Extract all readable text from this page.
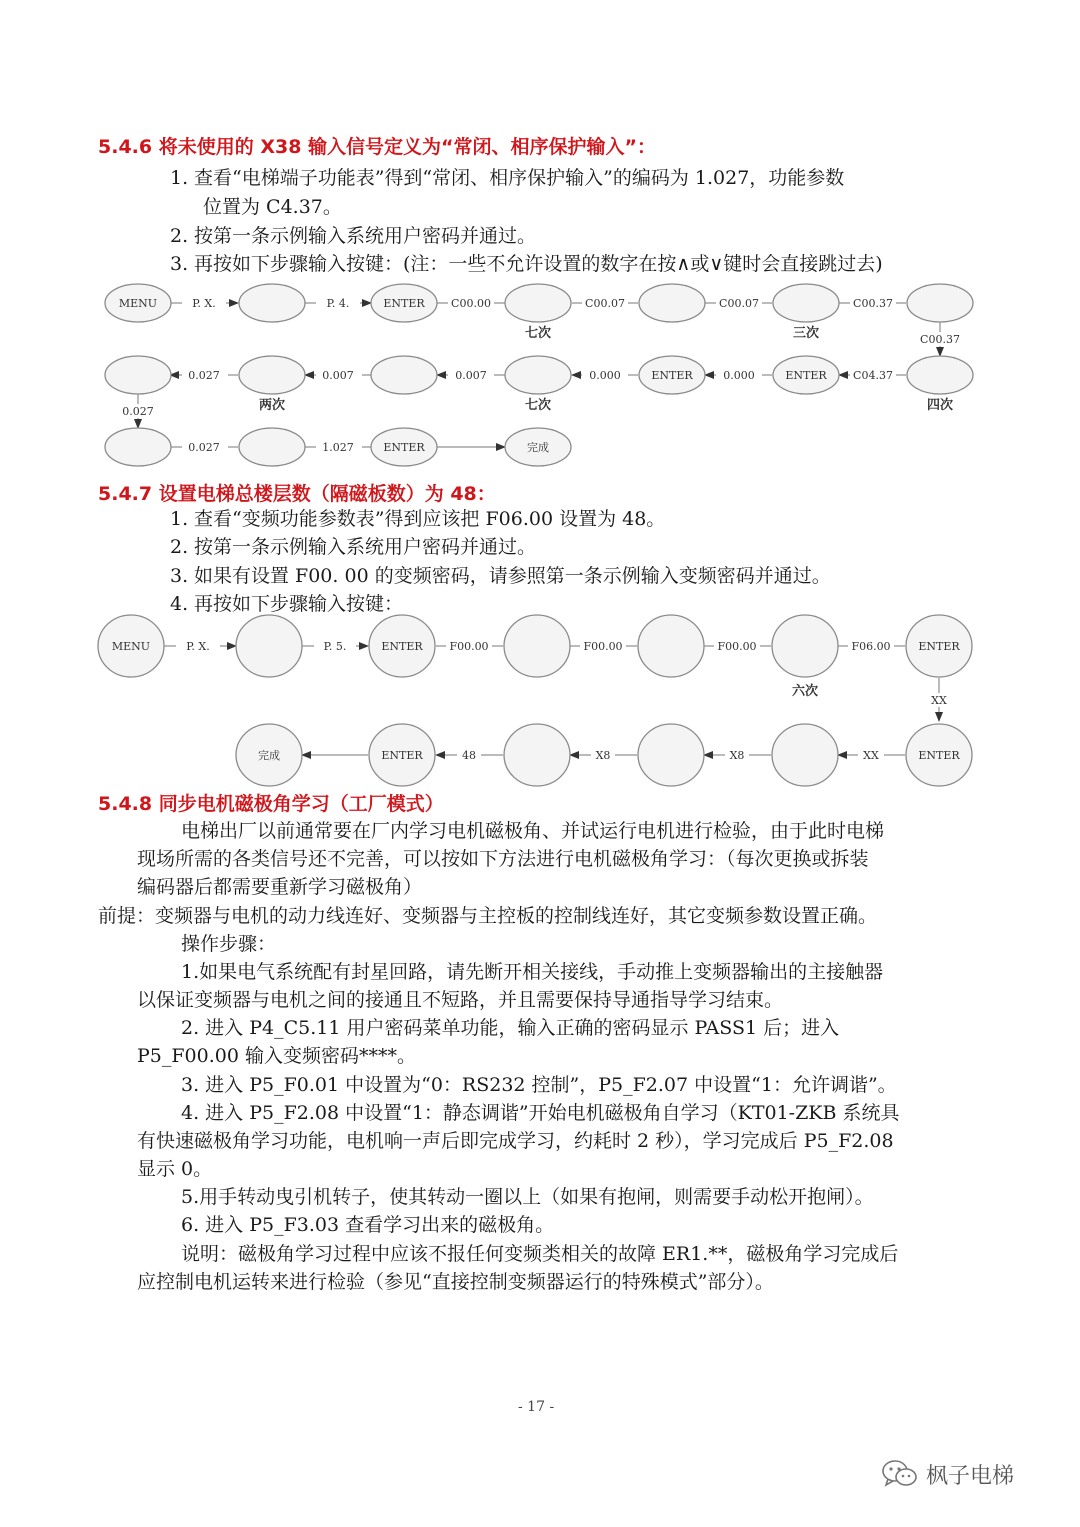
5.4.6 将未使用的 X38 输入信号定义为“常闭、相序保护输入”：
1. 查看“电梯端子功能表”得到“常闭、相序保护输入”的编码为 1.027，功能参数
位置为 C4.37。
2. 按第一条示例输入系统用户密码并通过。
3. 再按如下步骤输入按键：(注：一些不允许设置的数字在按∧或∨键时会直接跳过去)
MENU	ENTER
ENTER
ENTER
ENTER	完成
P. X.	P. 4.	C00.00	C00.07	C00.07	C00.37
C00.37
C04.37
0.000
0.000
0.007
0.007
0.027
0.027
0.027	1.027
七次	三次
四次
七次
两次
5.4.7 设置电梯总楼层数（隔磁板数）为 48：
1. 查看“变频功能参数表”得到应该把 F06.00 设置为 48。
2. 按第一条示例输入系统用户密码并通过。
3. 如果有设置 F00. 00 的变频密码，请参照第一条示例输入变频密码并通过。
4. 再按如下步骤输入按键：
MENU	ENTER	ENTER
ENTER
ENTER
完成
P. X.	P. 5.	F00.00	F00.00	F00.00	F06.00
XX
XX
X8
X8
48
六次
5.4.8 同步电机磁极角学习（工厂模式）
电梯出厂以前通常要在厂内学习电机磁极角、并试运行电机进行检验，由于此时电梯
现场所需的各类信号还不完善，可以按如下方法进行电机磁极角学习：（每次更换或拆装
编码器后都需要重新学习磁极角）
前提：变频器与电机的动力线连好、变频器与主控板的控制线连好，其它变频参数设置正确。
操作步骤：
1.如果电气系统配有封星回路，请先断开相关接线，手动推上变频器输出的主接触器
以保证变频器与电机之间的接通且不短路，并且需要保持导通指导学习结束。
2. 进入 P4_C5.11 用户密码菜单功能，输入正确的密码显示 PASS1 后；进入
P5_F00.00 输入变频密码****。
3. 进入 P5_F0.01 中设置为“0：RS232 控制”，P5_F2.07 中设置“1：允许调谐”。
4. 进入 P5_F2.08 中设置“1：静态调谐”开始电机磁极角自学习（KT01-ZKB 系统具
有快速磁极角学习功能，电机响一声后即完成学习，约耗时 2 秒），学习完成后 P5_F2.08
显示 0。
5.用手转动曳引机转子，使其转动一圈以上（如果有抱闸，则需要手动松开抱闸）。
6. 进入 P5_F3.03 查看学习出来的磁极角。
说明：磁极角学习过程中应该不报任何变频类相关的故障 ER1.**，磁极角学习完成后
应控制电机运转来进行检验（参见“直接控制变频器运行的特殊模式”部分）。
- 17 -
枫子电梯
